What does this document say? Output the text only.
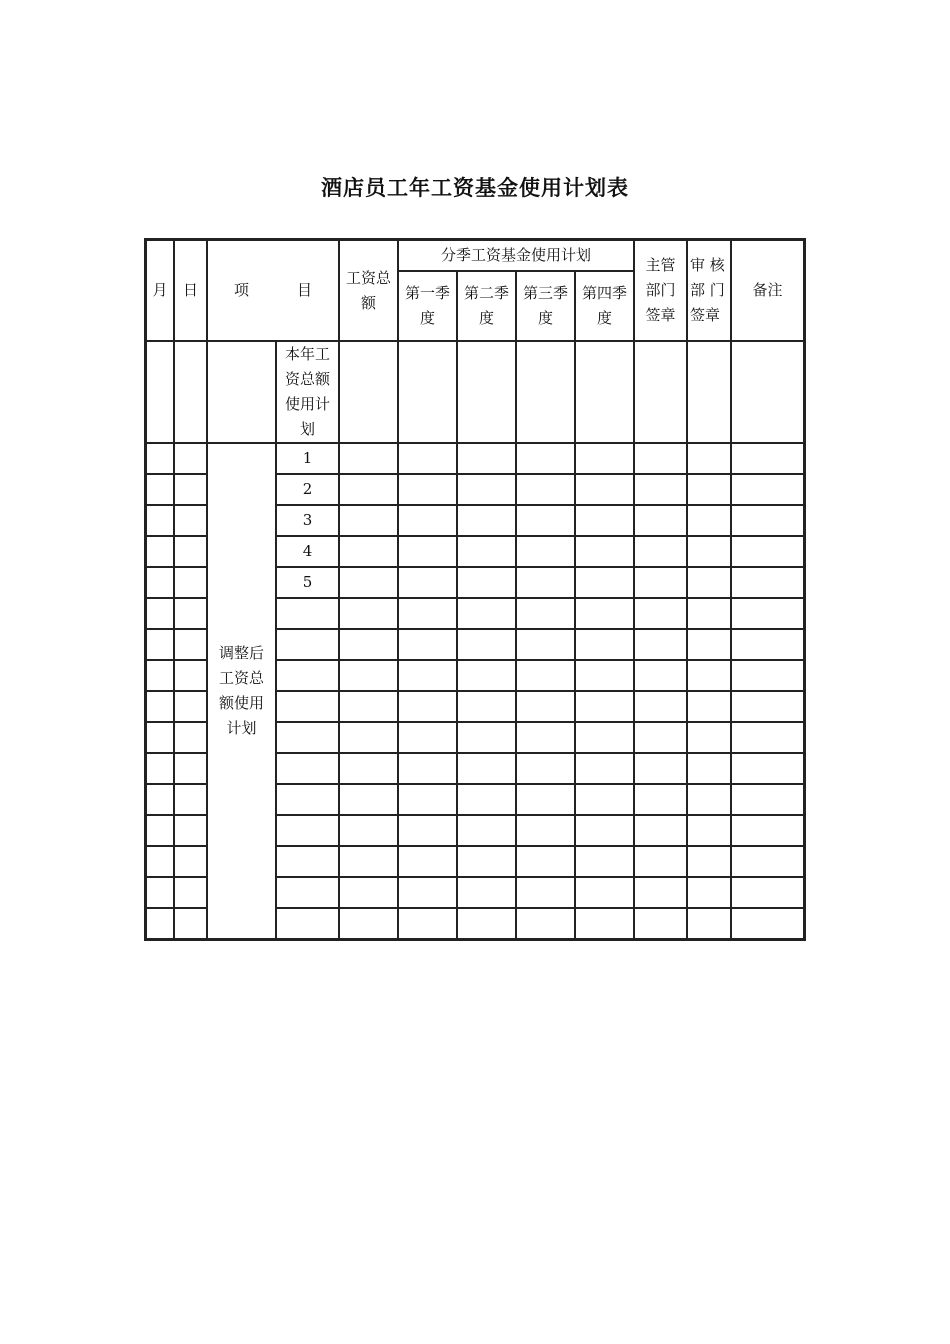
酒店员工年工资基金使用计划表
月	日	项 目		工资总额	分季工资基金使用计划				主管部门签章	审 核部 门 签章	备注
					第一季度	第二季度	第三季度	第四季度			
			本年工资总额使用计划								
		调整后工资总额使用计划	1								
			2								
			3								
			4								
			5								
